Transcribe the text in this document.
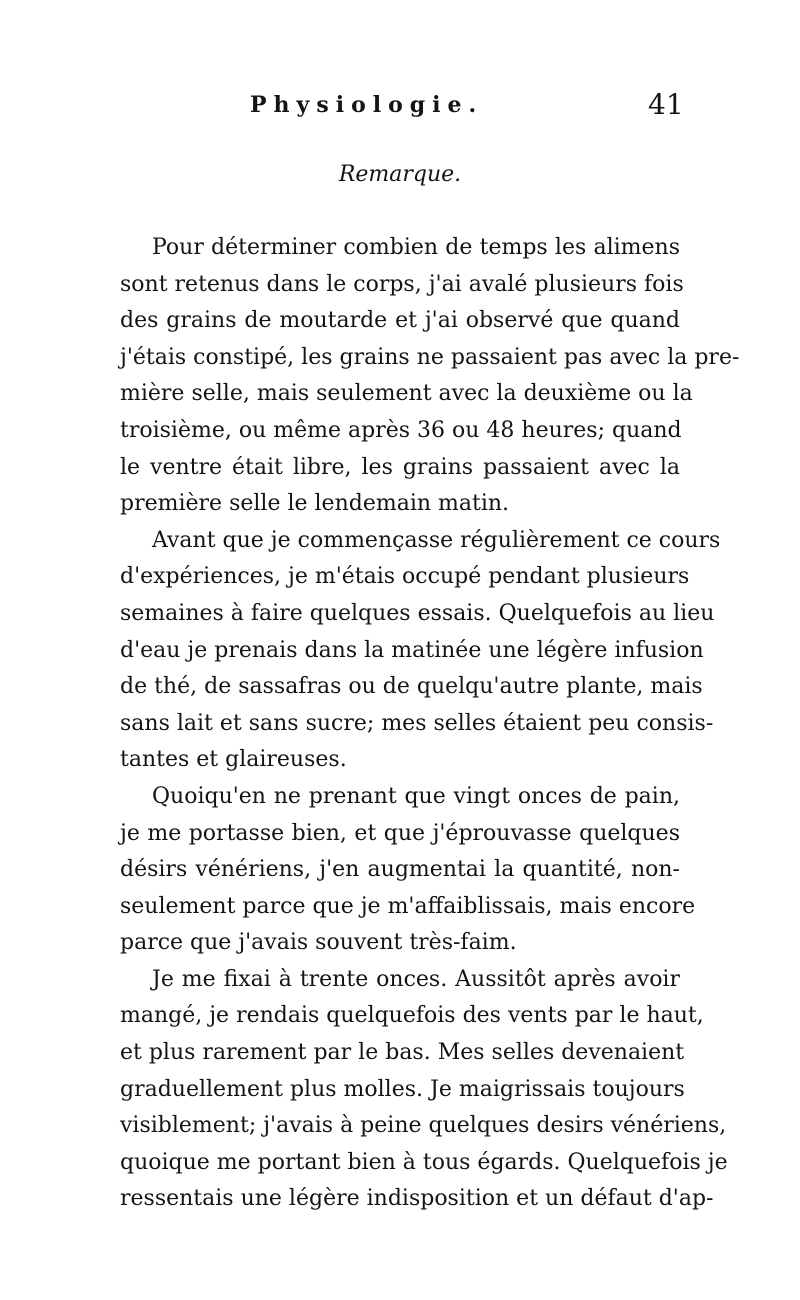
Physiologie.	41
Remarque.
Pour déterminer combien de temps les alimens
sont retenus dans le corps, j'ai avalé plusieurs fois
des grains de moutarde et j'ai observé que quand
j'étais constipé, les grains ne passaient pas avec la pre-
mière selle, mais seulement avec la deuxième ou la
troisième, ou même après 36 ou 48 heures; quand
le ventre était libre, les grains passaient avec la
première selle le lendemain matin.
Avant que je commençasse régulièrement ce cours
d'expériences, je m'étais occupé pendant plusieurs
semaines à faire quelques essais. Quelquefois au lieu
d'eau je prenais dans la matinée une légère infusion
de thé, de sassafras ou de quelqu'autre plante, mais
sans lait et sans sucre; mes selles étaient peu consis-
tantes et glaireuses.
Quoiqu'en ne prenant que vingt onces de pain,
je me portasse bien, et que j'éprouvasse quelques
désirs vénériens, j'en augmentai la quantité, non-
seulement parce que je m'affaiblissais, mais encore
parce que j'avais souvent très-faim.
Je me fixai à trente onces. Aussitôt après avoir
mangé, je rendais quelquefois des vents par le haut,
et plus rarement par le bas. Mes selles devenaient
graduellement plus molles. Je maigrissais toujours
visiblement; j'avais à peine quelques desirs vénériens,
quoique me portant bien à tous égards. Quelquefois je
ressentais une légère indisposition et un défaut d'ap-
